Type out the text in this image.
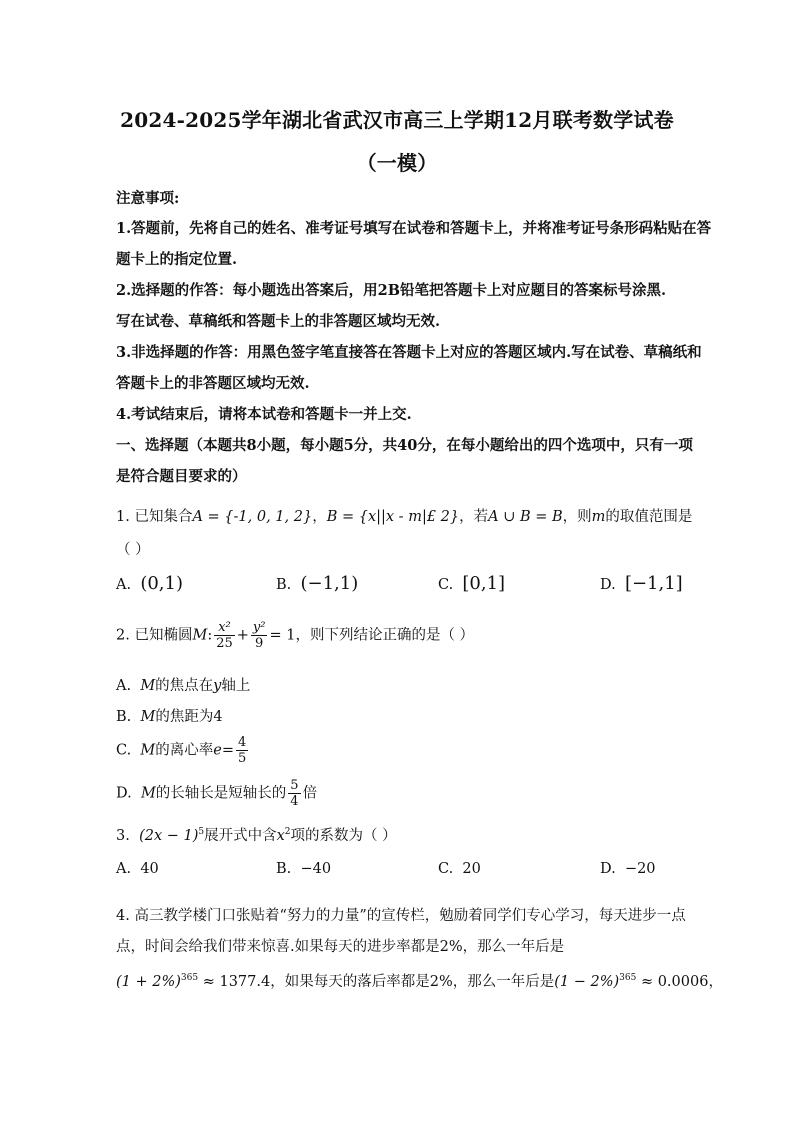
2024-2025学年湖北省武汉市高三上学期12月联考数学试卷
（一模）
注意事项:
1.答题前，先将自己的姓名、准考证号填写在试卷和答题卡上，并将准考证号条形码粘贴在答
题卡上的指定位置.
2.选择题的作答：每小题选出答案后，用2B铅笔把答题卡上对应题目的答案标号涂黑.
写在试卷、草稿纸和答题卡上的非答题区域均无效.
3.非选择题的作答：用黑色签字笔直接答在答题卡上对应的答题区域内.写在试卷、草稿纸和
答题卡上的非答题区域均无效.
4.考试结束后，请将本试卷和答题卡一并上交.
一、选择题（本题共8小题，每小题5分，共40分，在每小题给出的四个选项中，只有一项
是符合题目要求的）
1. 已知集合A = {-1, 0, 1, 2}，B = {x||x - m|£ 2}，若A ∪ B = B，则m的取值范围是
（ ）
A. (0,1)	B. (−1,1)	C. [0,1]	D. [−1,1]
2. 已知椭圆M: $\frac{\text{x²}}{25} + \frac{\text{y²}}{9} = 1$，则下列结论正确的是（ ）
A. M的焦点在y轴上
B. M的焦距为4
C. M的离心率$e= \frac{4}{5}$
D. M的长轴长是短轴长的 $\frac{5}{4}$ 倍
3. $(2x - 1)^5$展开式中含$x^2$项的系数为（ ）
A. 40	B. −40	C. 20	D. −20
4. 高三教学楼门口张贴着“努力的力量”的宣传栏，勉励着同学们专心学习，每天进步一点
点，时间会给我们带来惊喜.如果每天的进步率都是2%，那么一年后是
$(1 + 2\%)^{365} \approx 1377.4$，如果每天的落后率都是2%，那么一年后是$(1 - 2\%)^{365} \approx 0.0006$，
